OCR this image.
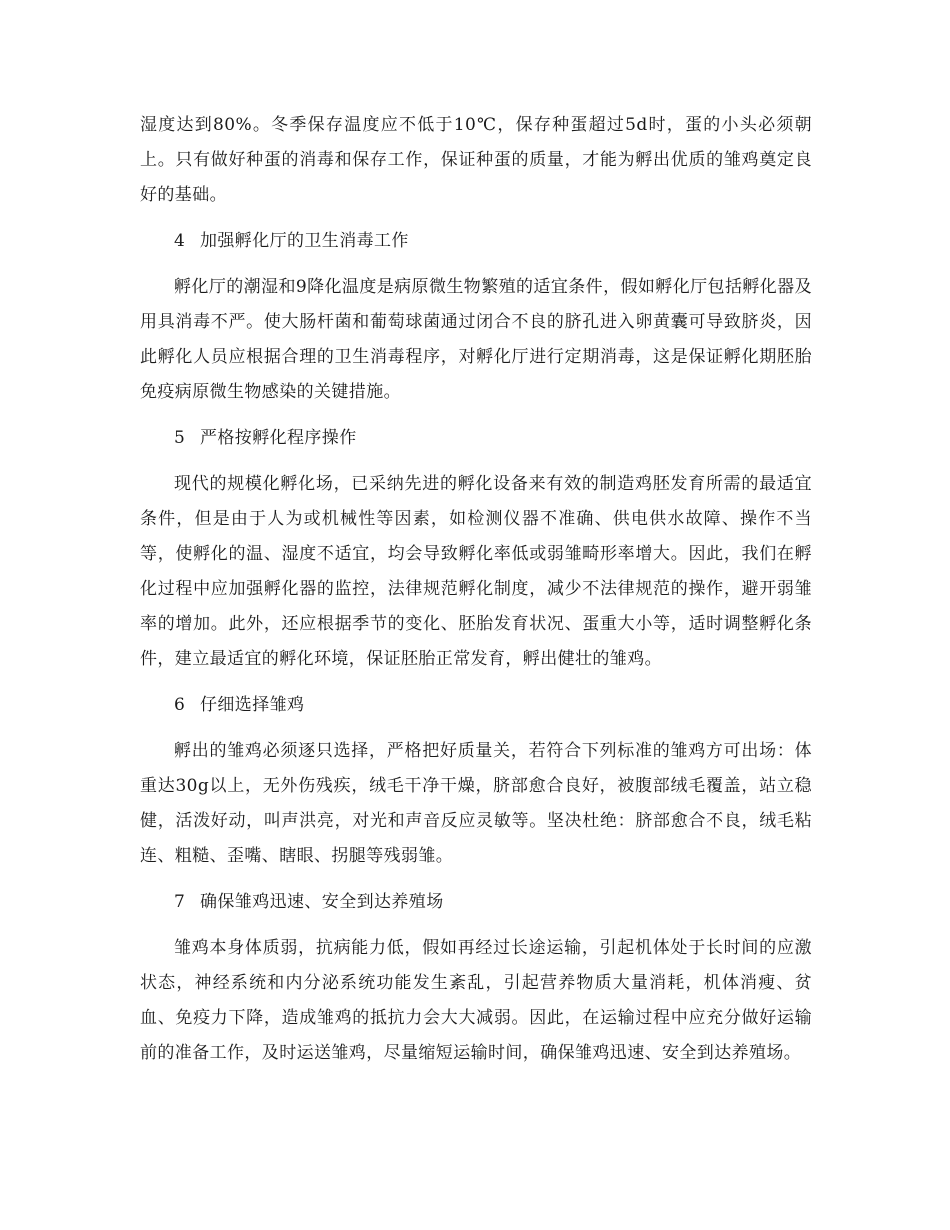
湿度达到80%。冬季保存温度应不低于10℃，保存种蛋超过5d时，蛋的小头必须朝上。只有做好种蛋的消毒和保存工作，保证种蛋的质量，才能为孵出优质的雏鸡奠定良好的基础。

4 加强孵化厅的卫生消毒工作

孵化厅的潮湿和9降化温度是病原微生物繁殖的适宜条件，假如孵化厅包括孵化器及用具消毒不严。使大肠杆菌和葡萄球菌通过闭合不良的脐孔进入卵黄囊可导致脐炎，因此孵化人员应根据合理的卫生消毒程序，对孵化厅进行定期消毒，这是保证孵化期胚胎免疫病原微生物感染的关键措施。

5 严格按孵化程序操作

现代的规模化孵化场，已采纳先进的孵化设备来有效的制造鸡胚发育所需的最适宜条件，但是由于人为或机械性等因素，如检测仪器不准确、供电供水故障、操作不当等，使孵化的温、湿度不适宜，均会导致孵化率低或弱雏畸形率增大。因此，我们在孵化过程中应加强孵化器的监控，法律规范孵化制度，减少不法律规范的操作，避开弱雏率的增加。此外，还应根据季节的变化、胚胎发育状况、蛋重大小等，适时调整孵化条件，建立最适宜的孵化环境，保证胚胎正常发育，孵出健壮的雏鸡。

6 仔细选择雏鸡

孵出的雏鸡必须逐只选择，严格把好质量关，若符合下列标准的雏鸡方可出场：体重达30g以上，无外伤残疾，绒毛干净干燥，脐部愈合良好，被腹部绒毛覆盖，站立稳健，活泼好动，叫声洪亮，对光和声音反应灵敏等。坚决杜绝：脐部愈合不良，绒毛粘连、粗糙、歪嘴、瞎眼、拐腿等残弱雏。

7 确保雏鸡迅速、安全到达养殖场

雏鸡本身体质弱，抗病能力低，假如再经过长途运输，引起机体处于长时间的应激状态，神经系统和内分泌系统功能发生紊乱，引起营养物质大量消耗，机体消瘦、贫血、免疫力下降，造成雏鸡的抵抗力会大大减弱。因此，在运输过程中应充分做好运输前的准备工作，及时运送雏鸡，尽量缩短运输时间，确保雏鸡迅速、安全到达养殖场。
